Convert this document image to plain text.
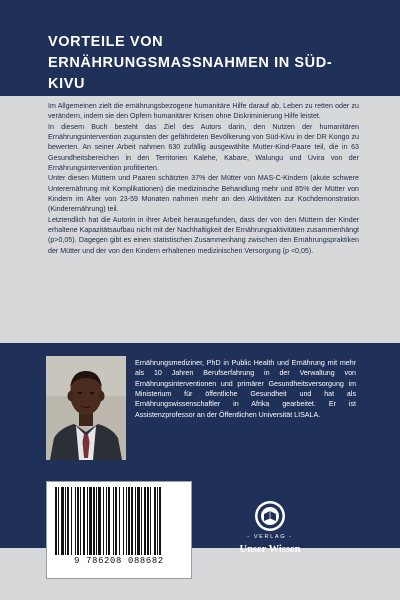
VORTEILE VON ERNÄHRUNGSMASSNAHMEN IN SÜD-KIVU

Im Allgemeinen zielt die ernährungsbezogene humanitäre Hilfe darauf ab, Leben zu retten oder zu verändern, indem sie den Opfern humanitärer Krisen ohne Diskriminierung Hilfe leistet.

In diesem Buch besteht das Ziel des Autors darin, den Nutzen der humanitären Ernährungsintervention zugunsten der gefährdeten Bevölkerung von Süd-Kivu in der DR Kongo zu bewerten. An seiner Arbeit nahmen 630 zufällig ausgewählte Mutter-Kind-Paare teil, die in 63 Gesundheitsbereichen in den Territorien Kalehe, Kabare, Walungu und Uvira von der Ernährungsintervention profitierten.

Unter diesen Müttern und Paaren schätzten 37% der Mütter von MAS-C-Kindern (akute schwere Unterernährung mit Komplikationen) die medizinische Behandlung mehr und 85% der Mütter von Kindern im Alter von 23-59 Monaten nahmen mehr an den Aktivitäten zur Kochdemonstration (Kinderernährung) teil.

Letztendlich hat die Autorin in ihrer Arbeit herausgefunden, dass der von den Müttern der Kinder erhaltene Kapazitätsaufbau nicht mit der Nachhaltigkeit der Ernährungsaktivitäten zusammenhängt (p>0,05). Dagegen gibt es einen statistischen Zusammenhang zwischen den Ernährungspraktiken der Mütter und der von den Kindern erhaltenen medizinischen Versorgung (p <0,05).

Ernährungsmediziner, PhD in Public Health und Ernährung mit mehr als 10 Jahren Berufserfahrung in der Verwaltung von Ernährungsinterventionen und primärer Gesundheitsversorgung im Ministerium für öffentliche Gesundheit und hat als Ernährungswissenschaftler in Afrika gearbeitet. Er ist Assistenzprofessor an der Öffentlichen Universität LISALA.
9 786208 088682
- VERLAG -
Unser Wissen
